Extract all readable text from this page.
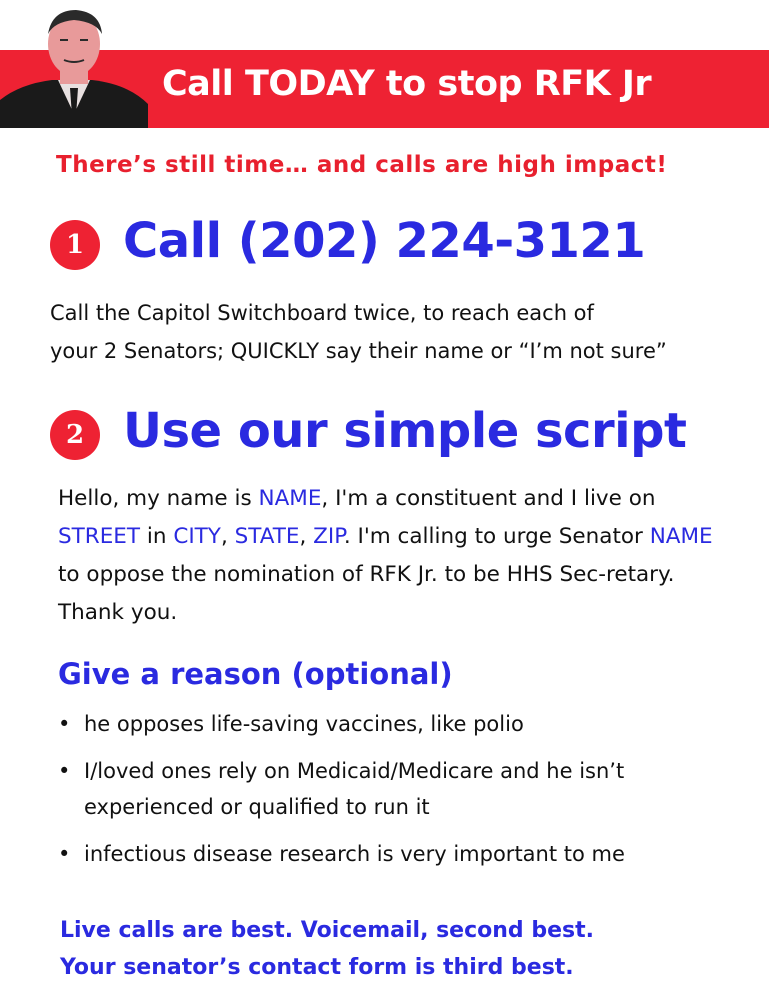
Call TODAY to stop RFK Jr
There’s still time… and calls are high impact!
1 Call (202) 224-3121
Call the Capitol Switchboard twice, to reach each of
your 2 Senators; QUICKLY say their name or “I’m not sure”
2 Use our simple script
Hello, my name is NAME, I'm a constituent and I live on STREET in CITY, STATE, ZIP. I'm calling to urge Senator NAME to oppose the nomination of RFK Jr. to be HHS Sec-retary. Thank you.
Give a reason (optional)
• he opposes life-saving vaccines, like polio
• I/loved ones rely on Medicaid/Medicare and he isn’t experienced or qualified to run it
• infectious disease research is very important to me
Live calls are best. Voicemail, second best.
Your senator’s contact form is third best.
